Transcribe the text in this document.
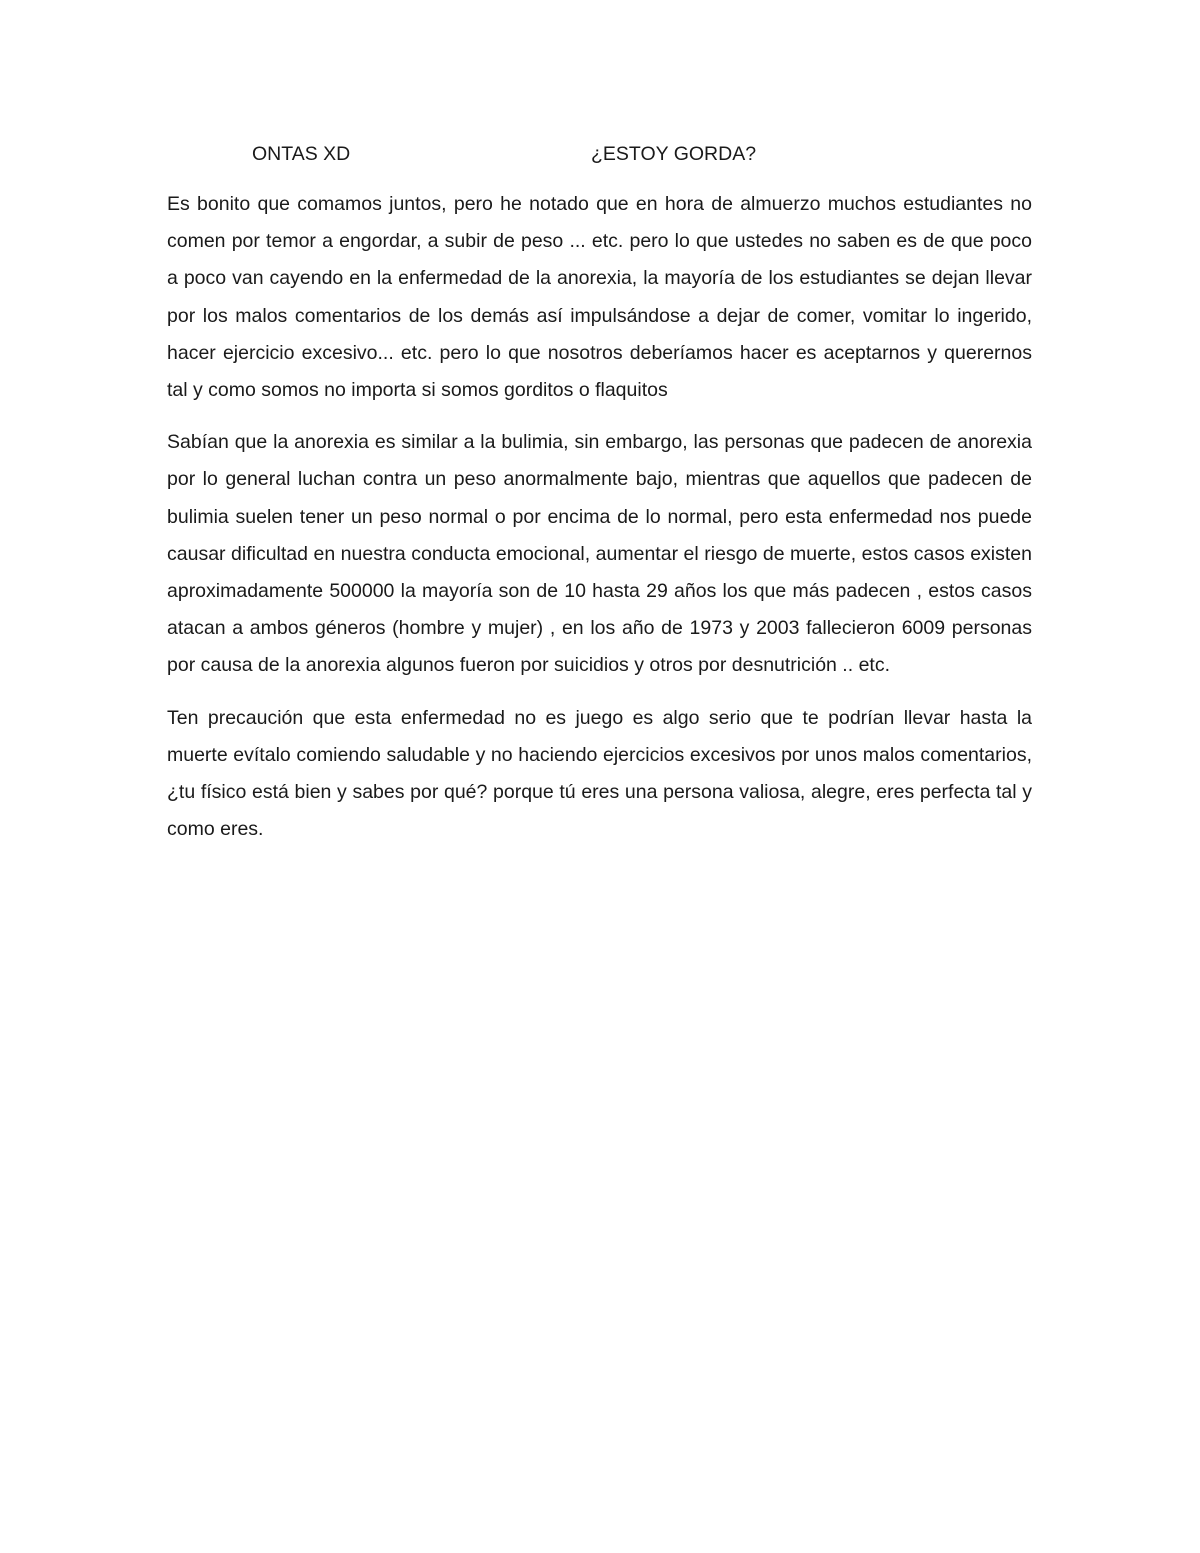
ONTAS XD	¿ESTOY GORDA?

Es bonito que comamos juntos, pero he notado que en hora de almuerzo muchos estudiantes no comen por temor a engordar, a subir de peso ... etc. pero lo que ustedes no saben es de que poco a poco van cayendo en la enfermedad de la anorexia, la mayoría de los estudiantes se dejan llevar por los malos comentarios de los demás así impulsándose a dejar de comer, vomitar lo ingerido, hacer ejercicio excesivo... etc. pero lo que nosotros deberíamos hacer es aceptarnos y querernos tal y como somos no importa si somos gorditos o flaquitos

Sabían que la anorexia es similar a la bulimia, sin embargo, las personas que padecen de anorexia por lo general luchan contra un peso anormalmente bajo, mientras que aquellos que padecen de bulimia suelen tener un peso normal o por encima de lo normal, pero esta enfermedad nos puede causar dificultad en nuestra conducta emocional, aumentar el riesgo de muerte, estos casos existen aproximadamente 500000 la mayoría son de 10 hasta 29 años los que más padecen , estos casos atacan a ambos géneros (hombre y mujer) , en los año de 1973 y 2003 fallecieron 6009 personas por causa de la anorexia algunos fueron por suicidios y otros por desnutrición .. etc.

Ten precaución que esta enfermedad no es juego es algo serio que te podrían llevar hasta la muerte evítalo comiendo saludable y no haciendo ejercicios excesivos por unos malos comentarios, ¿tu físico está bien y sabes por qué? porque tú eres una persona valiosa, alegre, eres perfecta tal y como eres.
